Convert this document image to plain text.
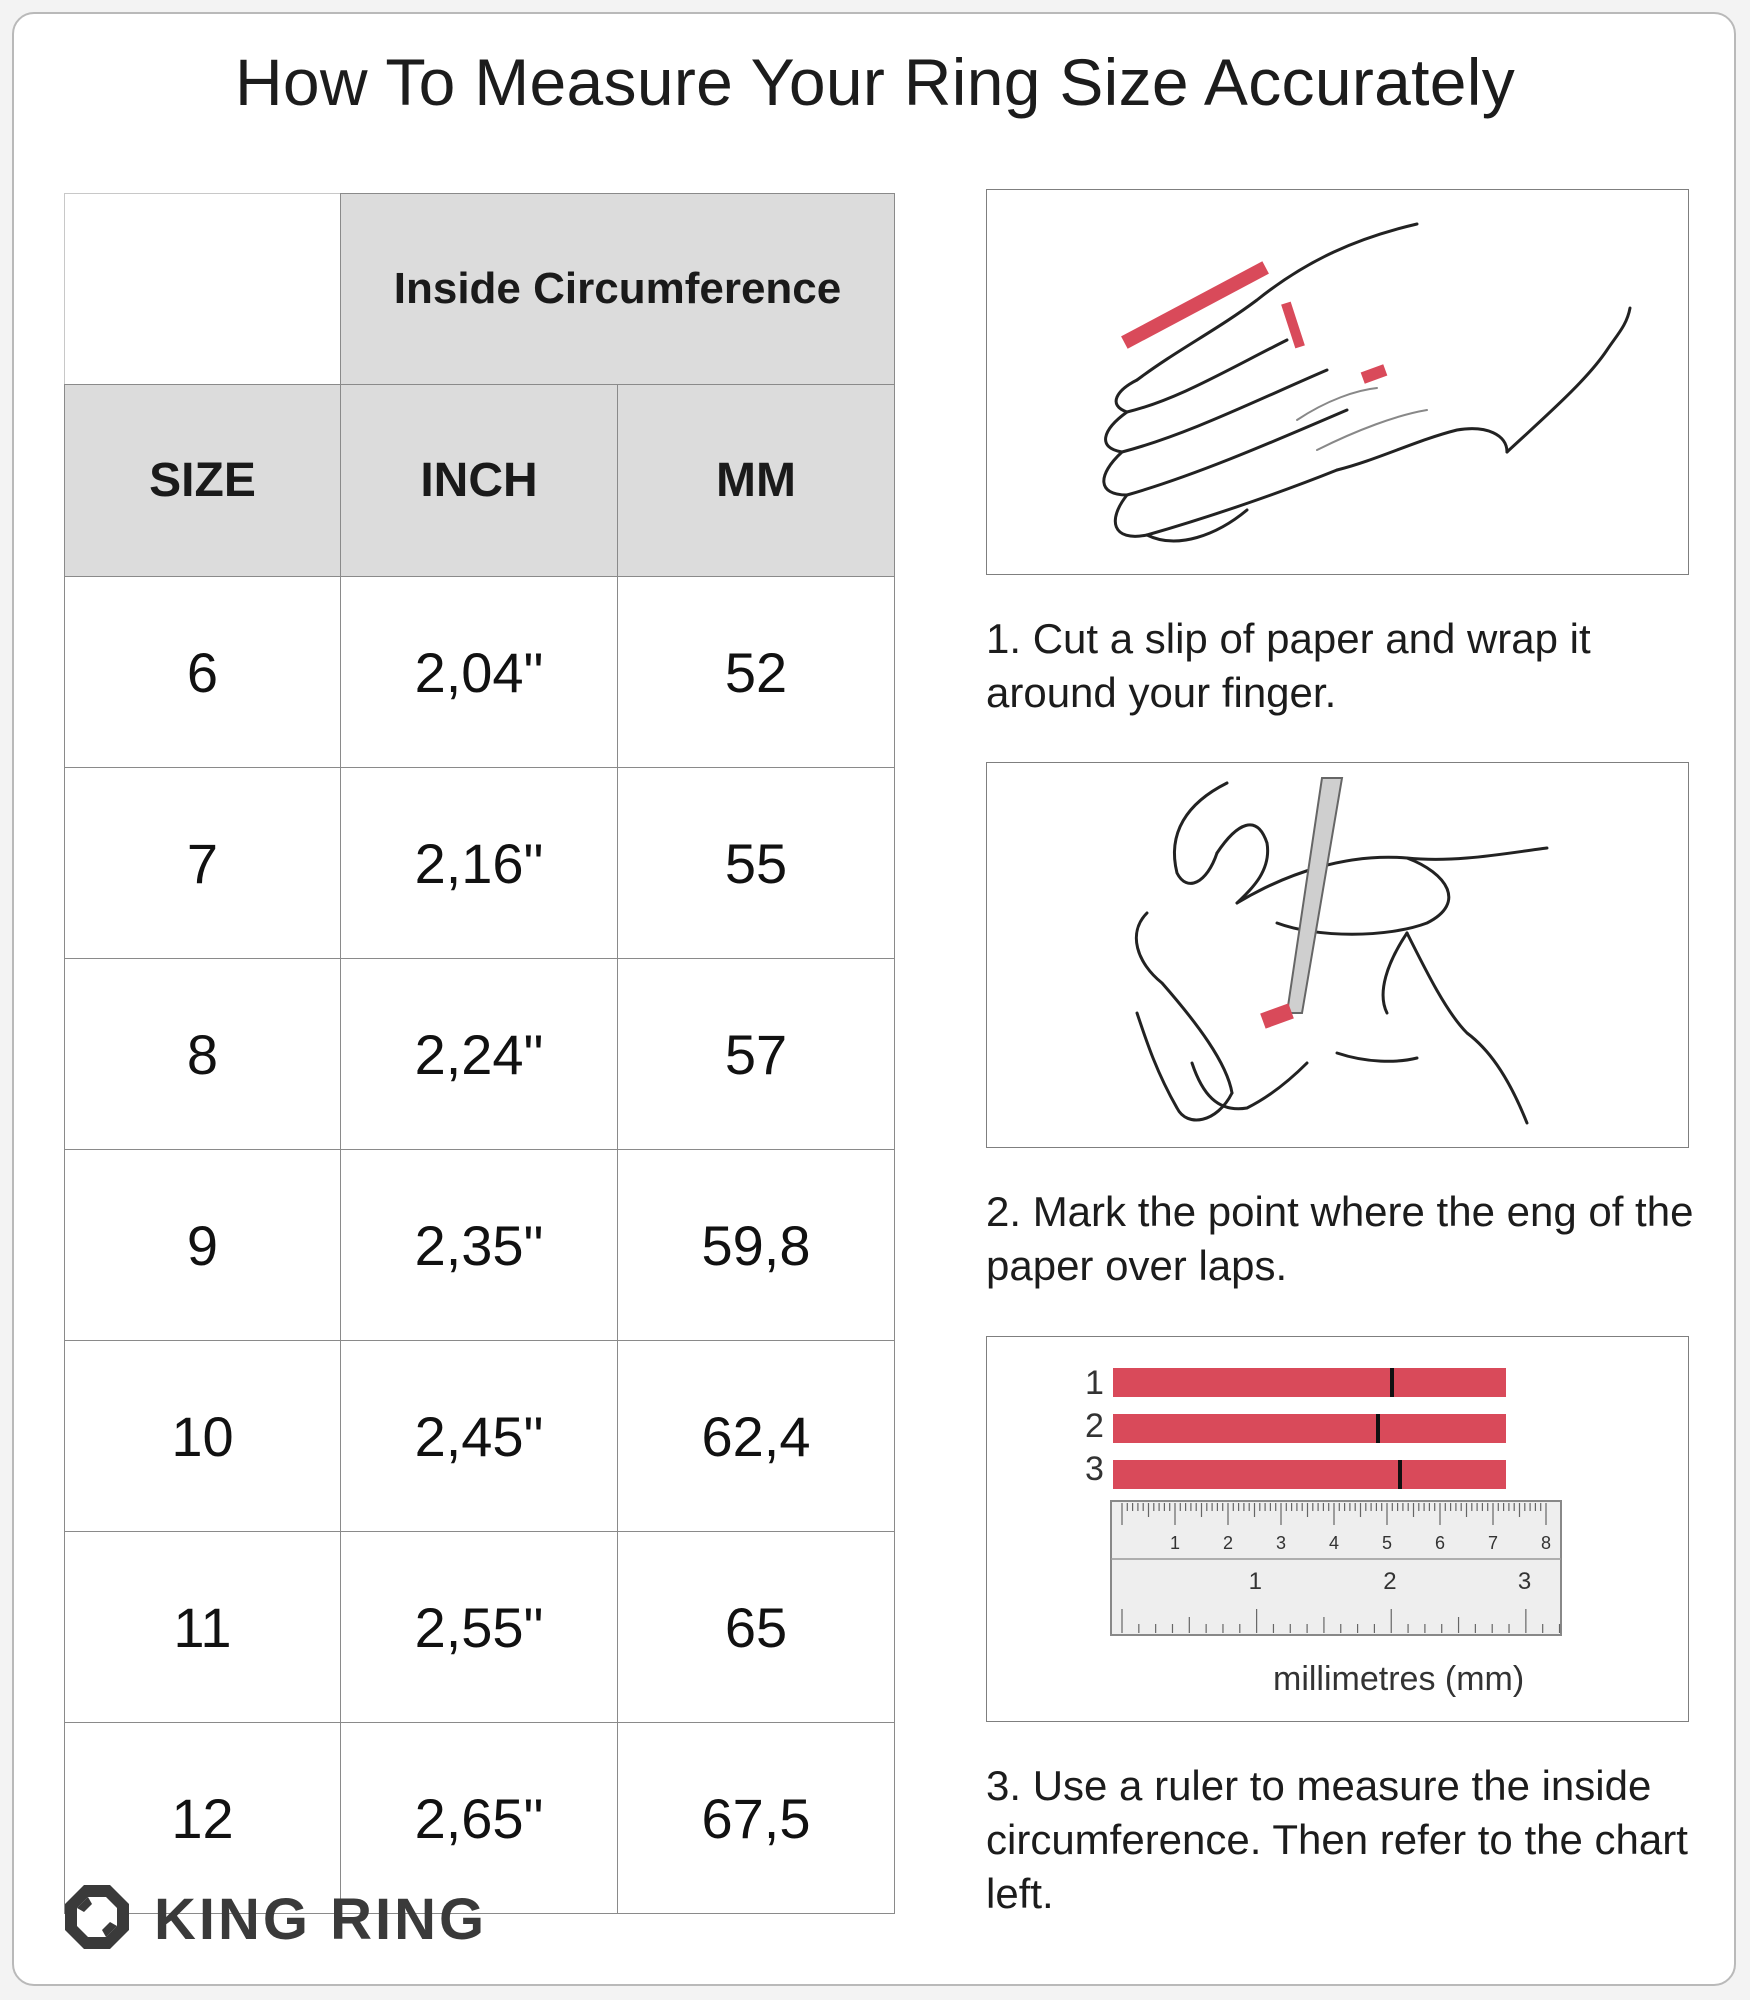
How To Measure Your Ring Size Accurately
	Inside Circumference	
SIZE	INCH	MM
6	2,04"	52
7	2,16"	55
8	2,24"	57
9	2,35"	59,8
10	2,45"	62,4
11	2,55"	65
12	2,65"	67,5
1. Cut a slip of paper and wrap it around your finger.
2. Mark the point where the eng of the paper over laps.
1
2
3
1 2 3 4 5 6 7 8
1	2	3
millimetres (mm)
3. Use a ruler to measure the inside circumference. Then refer to the chart left.
KING RING
